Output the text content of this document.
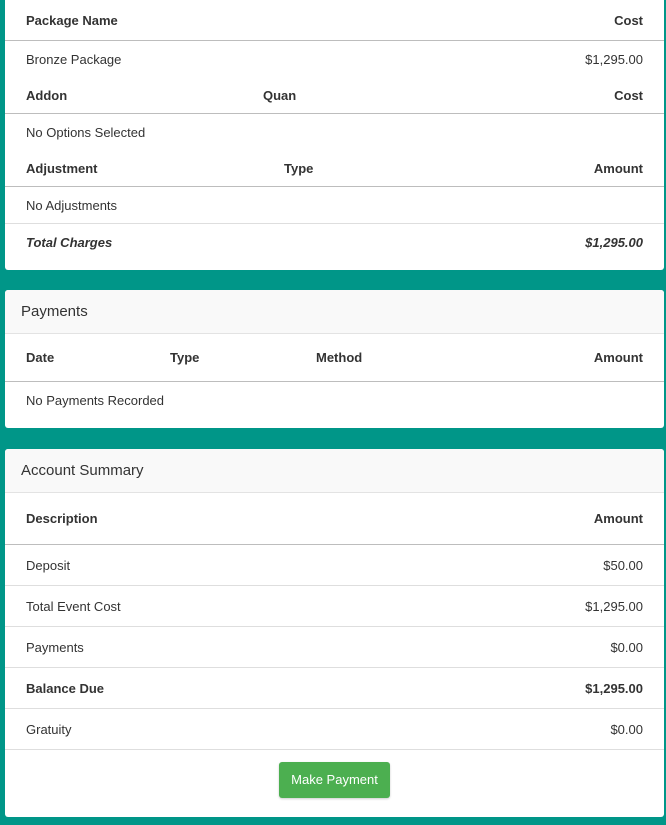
Package Name	Cost
Bronze Package	$1,295.00
Addon	Quan	Cost
No Options Selected
Adjustment	Type	Amount
No Adjustments
Total Charges	$1,295.00
Payments
Date	Type	Method	Amount
No Payments Recorded
Account Summary
Description	Amount
Deposit	$50.00
Total Event Cost	$1,295.00
Payments	$0.00
Balance Due	$1,295.00
Gratuity	$0.00
Make Payment
